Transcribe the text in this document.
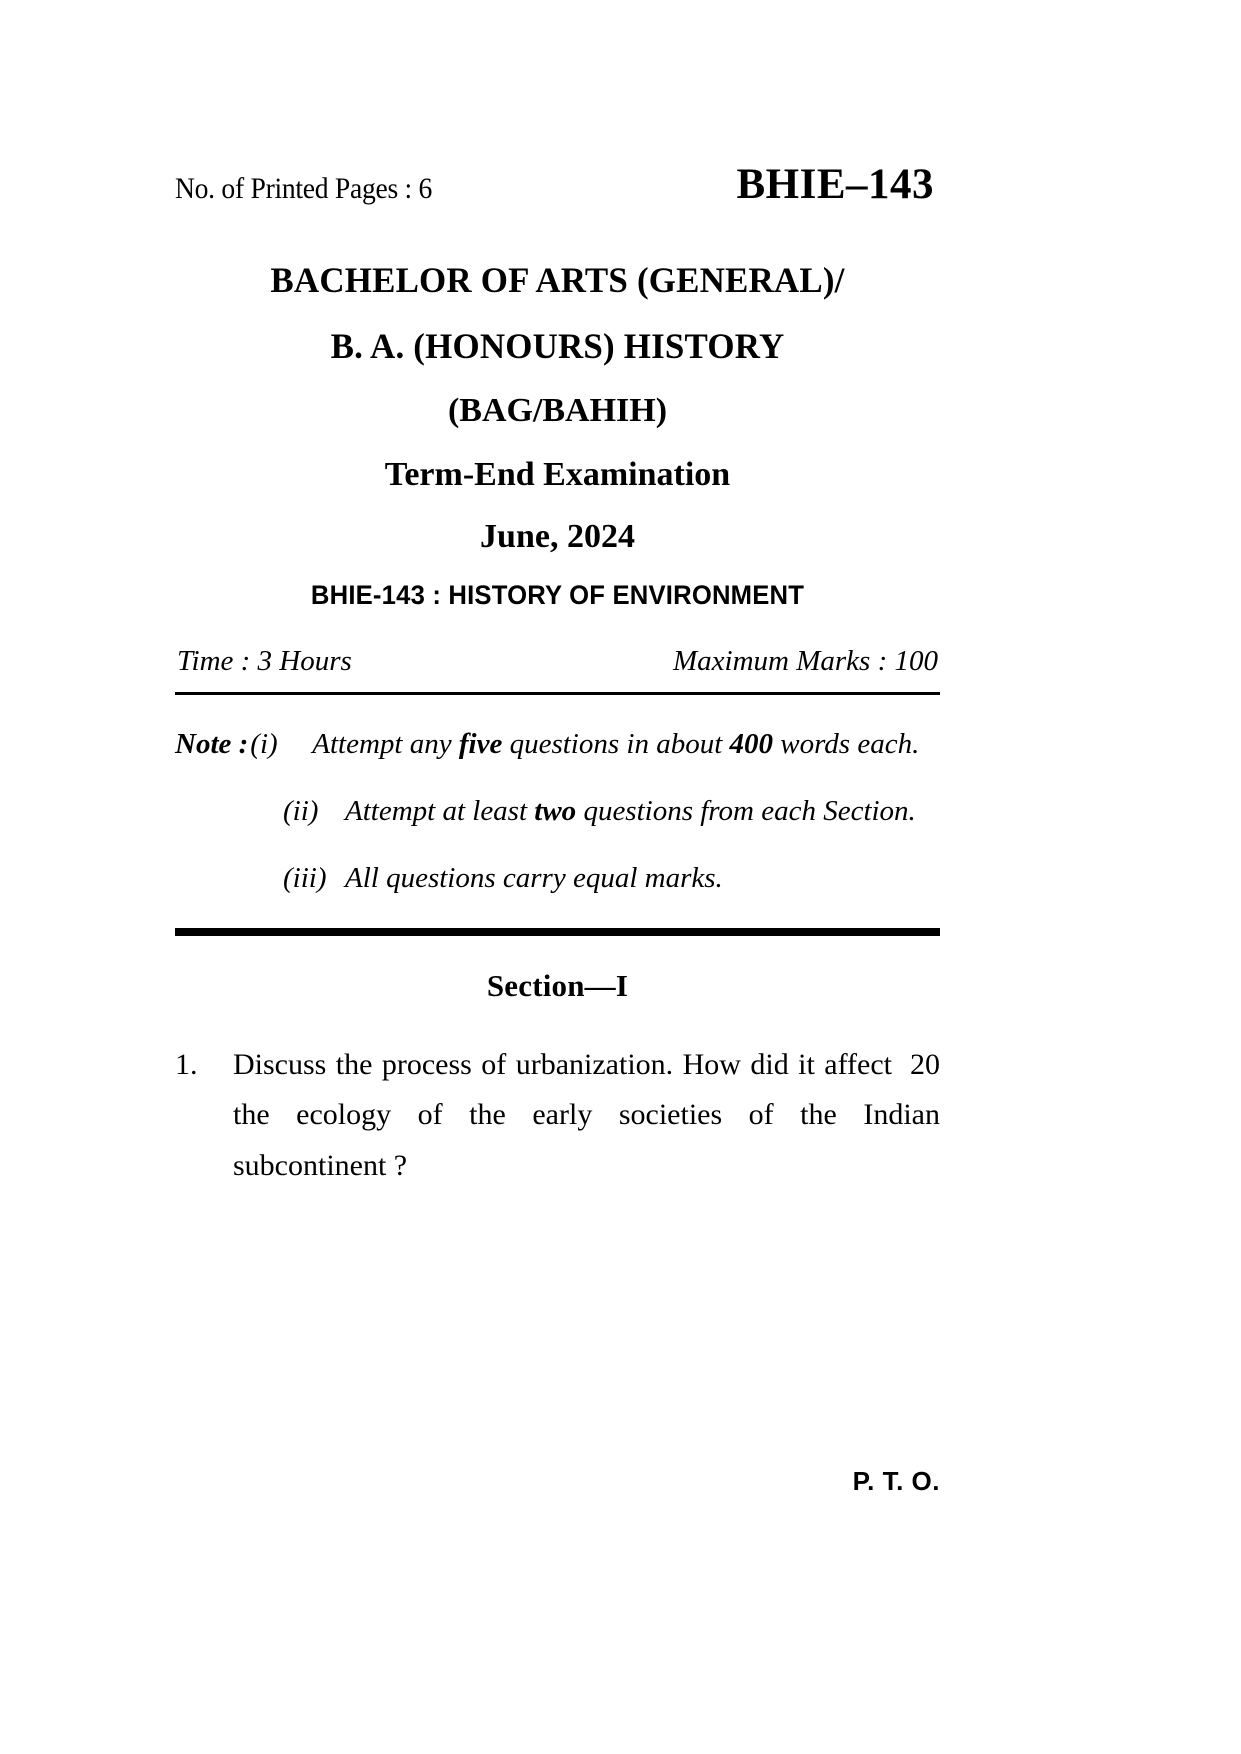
No. of Printed Pages : 6	BHIE–143
BACHELOR OF ARTS (GENERAL)/
B. A. (HONOURS) HISTORY
(BAG/BAHIH)
Term-End Examination
June, 2024
BHIE-143 : HISTORY OF ENVIRONMENT
Time : 3 Hours	Maximum Marks : 100
Note : (i)	Attempt any five questions in about 400 words each.
(ii) Attempt at least two questions from each Section.
(iii) All questions carry equal marks.
Section—I
1.	20
Discuss the process of urbanization. How did it affect the ecology of the early societies of the Indian subcontinent ?
P. T. O.
